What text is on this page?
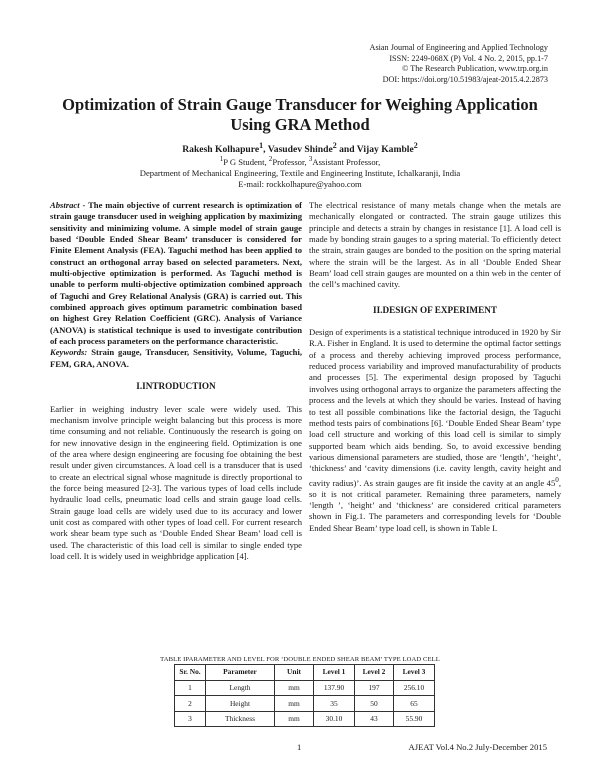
Asian Journal of Engineering and Applied Technology
ISSN: 2249-068X (P) Vol. 4 No. 2, 2015, pp.1-7
© The Research Publication, www.trp.org.in
DOI: https://doi.org/10.51983/ajeat-2015.4.2.2873
Optimization of Strain Gauge Transducer for Weighing Application Using GRA Method
Rakesh Kolhapure$^1$, Vasudev Shinde$^2$ and Vijay Kamble$^2$
$^1$P G Student, $^2$Professor, $^3$Assistant Professor,
Department of Mechanical Engineering, Textile and Engineering Institute, Ichalkaranji, India
E-mail: rockkolhapure@yahoo.com

Abstract - The main objective of current research is optimization of strain gauge transducer used in weighing application by maximizing sensitivity and minimizing volume. A simple model of strain gauge based ‘Double Ended Shear Beam’ transducer is considered for Finite Element Analysis (FEA). Taguchi method has been applied to construct an orthogonal array based on selected parameters. Next, multi-objective optimization is performed. As Taguchi method is unable to perform multi-objective optimization combined approach of Taguchi and Grey Relational Analysis (GRA) is carried out. This combined approach gives optimum parametric combination based on highest Grey Relation Coefficient (GRC). Analysis of Variance (ANOVA) is statistical technique is used to investigate contribution of each process parameters on the performance characteristic.

Keywords: Strain gauge, Transducer, Sensitivity, Volume, Taguchi, FEM, GRA, ANOVA.

I.INTRODUCTION

Earlier in weighing industry lever scale were widely used. This mechanism involve principle weight balancing but this process is more time consuming and not reliable. Continuously the research is going on for new innovative design in the engineering field. Optimization is one of the area where design engineering are focusing foe obtaining the best result under given circumstances. A load cell is a transducer that is used to create an electrical signal whose magnitude is directly proportional to the force being measured [2-3]. The various types of load cells include hydraulic load cells, pneumatic load cells and strain gauge load cells. Strain gauge load cells are widely used due to its accuracy and lower unit cost as compared with other types of load cell. For current research work shear beam type such as ‘Double Ended Shear Beam’ load cell is used. The characteristic of this load cell is similar to single ended type load cell. It is widely used in weighbridge application [4].

The electrical resistance of many metals change when the metals are mechanically elongated or contracted. The strain gauge utilizes this principle and detects a strain by changes in resistance [1]. A load cell is made by bonding strain gauges to a spring material. To efficiently detect the strain, strain gauges are bonded to the position on the spring material where the strain will be the largest. As in all ‘Double Ended Shear Beam’ load cell strain gauges are mounted on a thin web in the center of the cell’s machined cavity.

II.DESIGN OF EXPERIMENT

Design of experiments is a statistical technique introduced in 1920 by Sir R.A. Fisher in England. It is used to determine the optimal factor settings of a process and thereby achieving improved process performance, reduced process variability and improved manufacturability of products and processes [5]. The experimental design proposed by Taguchi involves using orthogonal arrays to organize the parameters affecting the process and the levels at which they should be varies. Instead of having to test all possible combinations like the factorial design, the Taguchi method tests pairs of combinations [6]. ‘Double Ended Shear Beam’ type load cell structure and working of this load cell is similar to simply supported beam which aids bending. So, to avoid excessive bending various dimensional parameters are studied, those are ‘length’, ‘height’, ‘thickness’ and ‘cavity dimensions (i.e. cavity length, cavity height and cavity radius)’. As strain gauges are fit inside the cavity at an angle $45^0$, so it is not critical parameter. Remaining three parameters, namely ‘length ’, ‘height’ and ‘thickness’ are considered critical parameters shown in Fig.1. The parameters and corresponding levels for ‘Double Ended Shear Beam’ type load cell, is shown in Table I.

TABLE IPARAMETER AND LEVEL FOR ‘DOUBLE ENDED SHEAR BEAM’ TYPE LOAD CELL
Sr. No.	Parameter	Unit	Level 1	Level 2	Level 3
1	Length	mm	137.90	197	256.10
2	Height	mm	35	50	65
3	Thickness	mm	30.10	43	55.90
1	AJEAT Vol.4 No.2 July-December 2015
